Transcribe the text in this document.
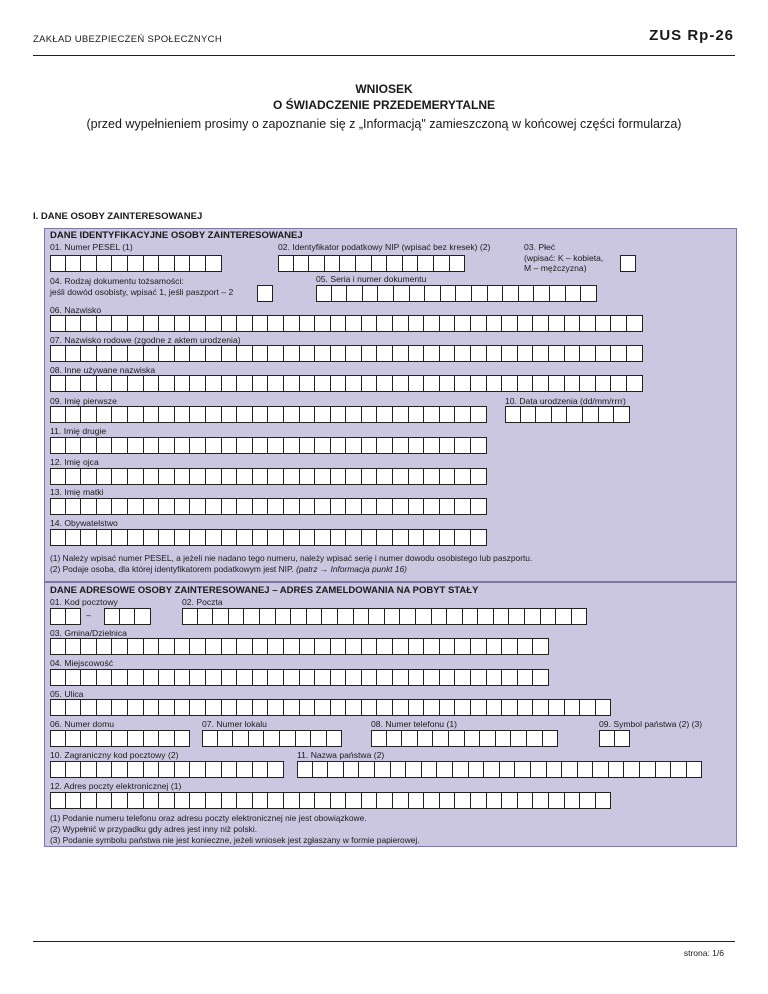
ZAKŁAD UBEZPIECZEŃ SPOŁECZNYCH	ZUS Rp-26
WNIOSEK
O ŚWIADCZENIE PRZEDEMERYTALNE
(przed wypełnieniem prosimy o zapoznanie się z „Informacją" zamieszczoną w końcowej części formularza)
I. DANE OSOBY ZAINTERESOWANEJ
DANE IDENTYFIKACYJNE OSOBY ZAINTERESOWANEJ
01. Numer PESEL (1)	02. Identyfikator podatkowy NIP (wpisać bez kresek) (2)	03. Płeć
(wpisać: K – kobieta,
M – mężczyzna)
04. Rodzaj dokumentu tożsamości:
jeśli dowód osobisty, wpisać 1, jeśli paszport – 2
05. Seria i numer dokumentu
06. Nazwisko
07. Nazwisko rodowe (zgodne z aktem urodzenia)
08. Inne używane nazwiska
09. Imię pierwsze	10. Data urodzenia (dd/mm/rrrr)
11. Imię drugie
12. Imię ojca
13. Imię matki
14. Obywatelstwo
(1) Należy wpisać numer PESEL, a jeżeli nie nadano tego numeru, należy wpisać serię i numer dowodu osobistego lub paszportu.
(2) Podaje osoba, dla której identyfikatorem podatkowym jest NIP. (patrz → Informacja punkt 16)
DANE ADRESOWE OSOBY ZAINTERESOWANEJ – ADRES ZAMELDOWANIA NA POBYT STAŁY
01. Kod pocztowy
–
02. Poczta
03. Gmina/Dzielnica
04. Miejscowość
05. Ulica
06. Numer domu	07. Numer lokalu	08. Numer telefonu (1)	09. Symbol państwa (2) (3)
10. Zagraniczny kod pocztowy (2)	11. Nazwa państwa (2)
12. Adres poczty elektronicznej (1)
(1) Podanie numeru telefonu oraz adresu poczty elektronicznej nie jest obowiązkowe.
(2) Wypełnić w przypadku gdy adres jest inny niż polski.
(3) Podanie symbolu państwa nie jest konieczne, jeżeli wniosek jest zgłaszany w formie papierowej.
strona: 1/6
